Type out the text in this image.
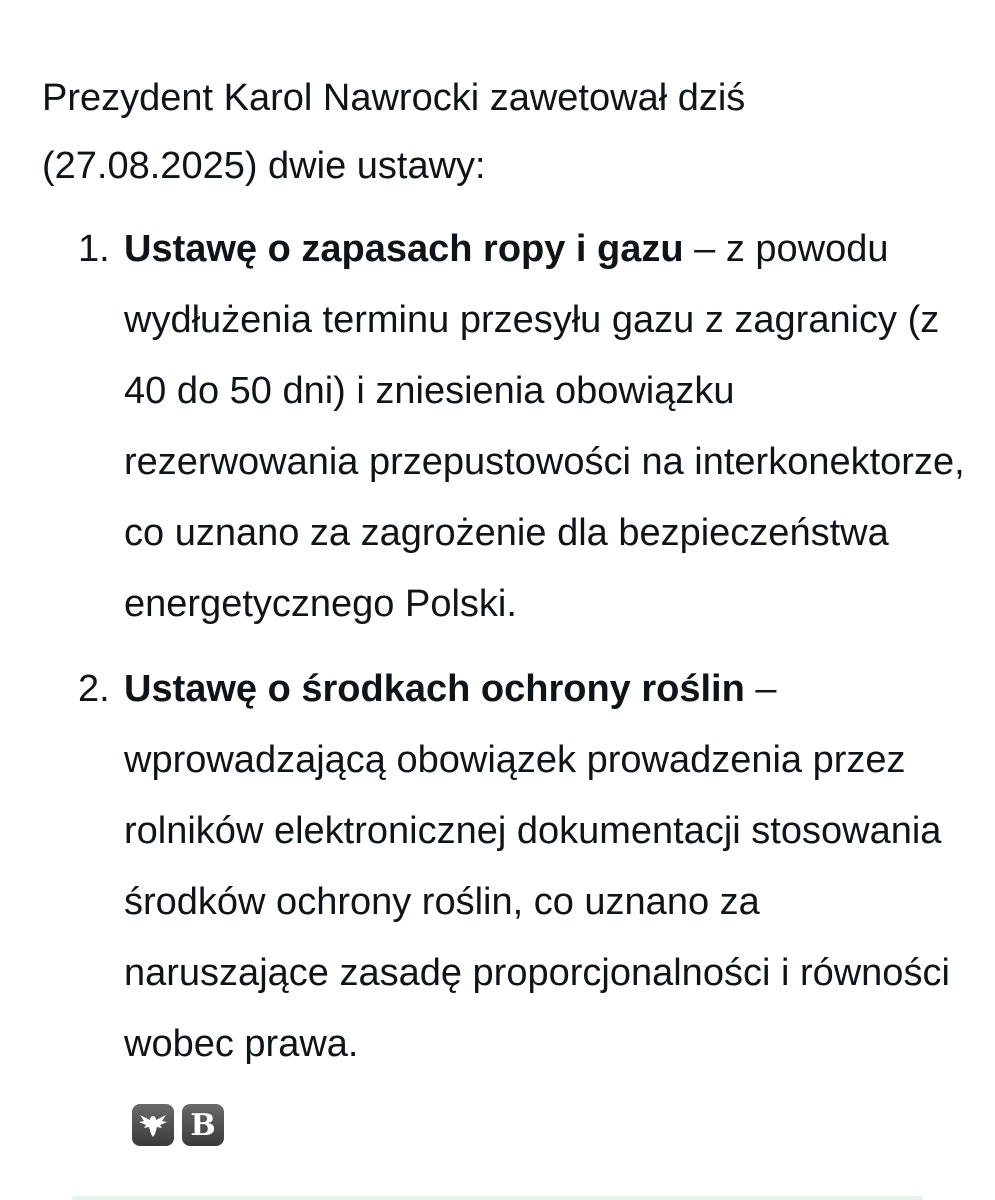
Prezydent Karol Nawrocki zawetował dziś (27.08.2025) dwie ustawy:

1. Ustawę o zapasach ropy i gazu – z powodu wydłużenia terminu przesyłu gazu z zagranicy (z 40 do 50 dni) i zniesienia obowiązku rezerwowania przepustowości na interkonektorze, co uznano za zagrożenie dla bezpieczeństwa energetycznego Polski.
2. Ustawę o środkach ochrony roślin – wprowadzającą obowiązek prowadzenia przez rolników elektronicznej dokumentacji stosowania środków ochrony roślin, co uznano za naruszające zasadę proporcjonalności i równości wobec prawa.
B
